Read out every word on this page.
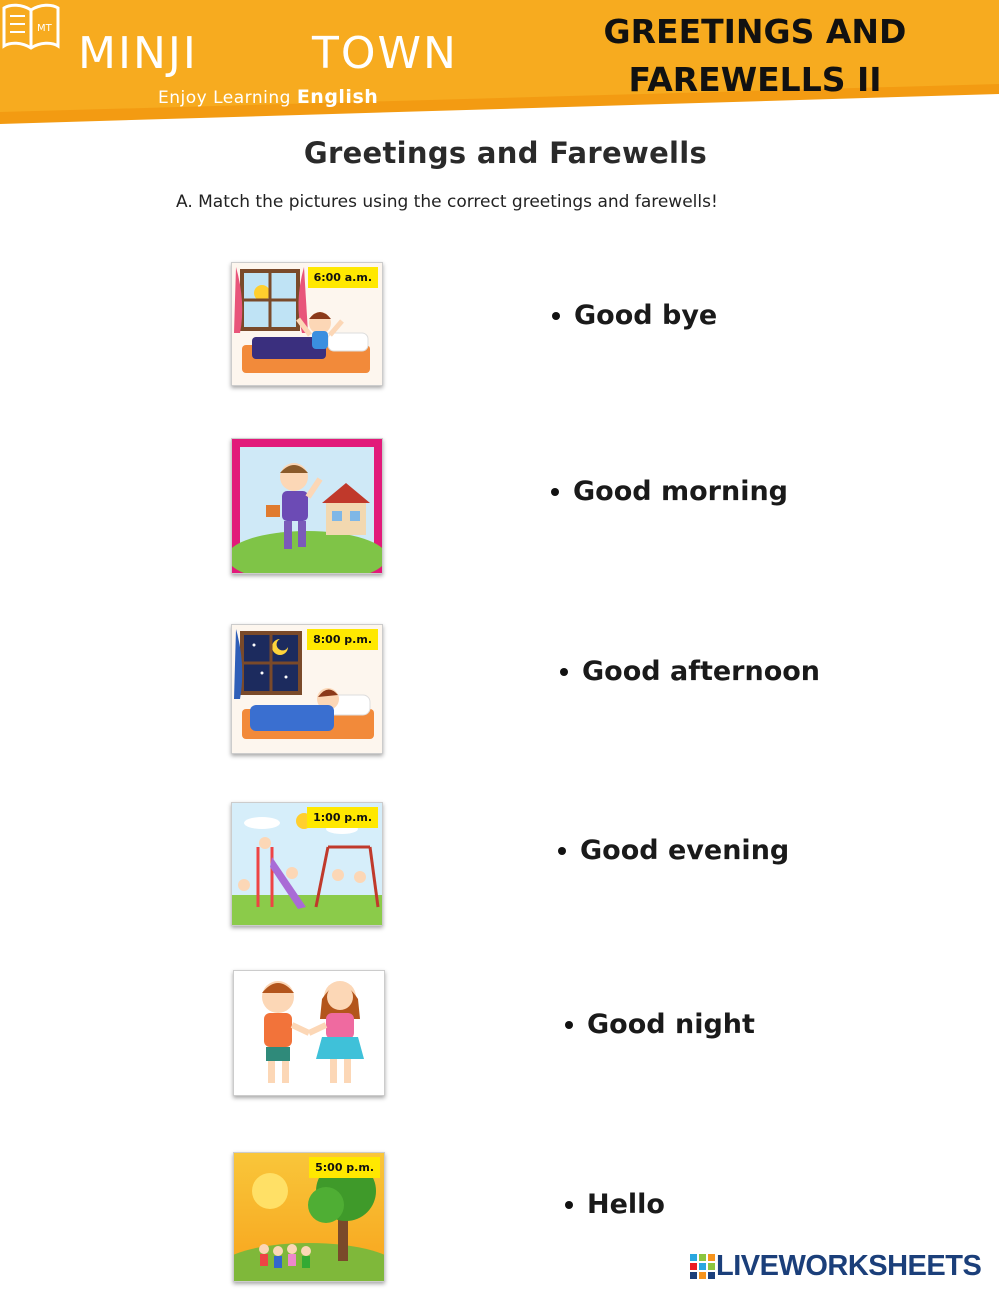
MINJI
MT	TOWN
Enjoy Learning English
GREETINGS AND
FAREWELLS II
Greetings and Farewells
A. Match the pictures using the correct greetings and farewells!
6:00 a.m.
8:00 p.m.
1:00 p.m.
5:00 p.m.
Good bye
Good morning
Good afternoon
Good evening
Good night
Hello
LIVEWORKSHEETS
